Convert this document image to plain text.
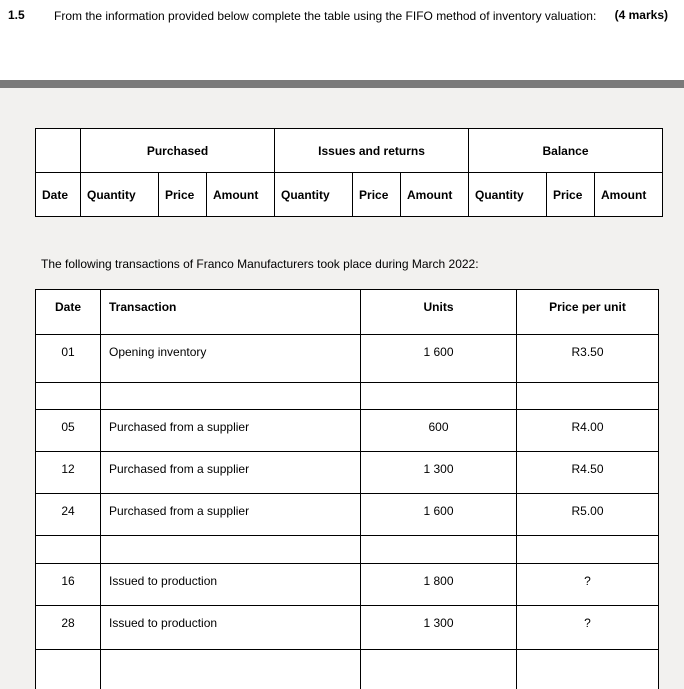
1.5	From the information provided below complete the table using the FIFO method of inventory valuation:	(4 marks)
	Purchased			Issues and returns			Balance		
Date	Quantity	Price	Amount	Quantity	Price	Amount	Quantity	Price	Amount

The following transactions of Franco Manufacturers took place during March 2022:

Date	Transaction	Units	Price per unit
01	Opening inventory	1 600	R3.50

05	Purchased from a supplier	600	R4.00
12	Purchased from a supplier	1 300	R4.50
24	Purchased from a supplier	1 600	R5.00

16	Issued to production	1 800	?
28	Issued to production	1 300	?
